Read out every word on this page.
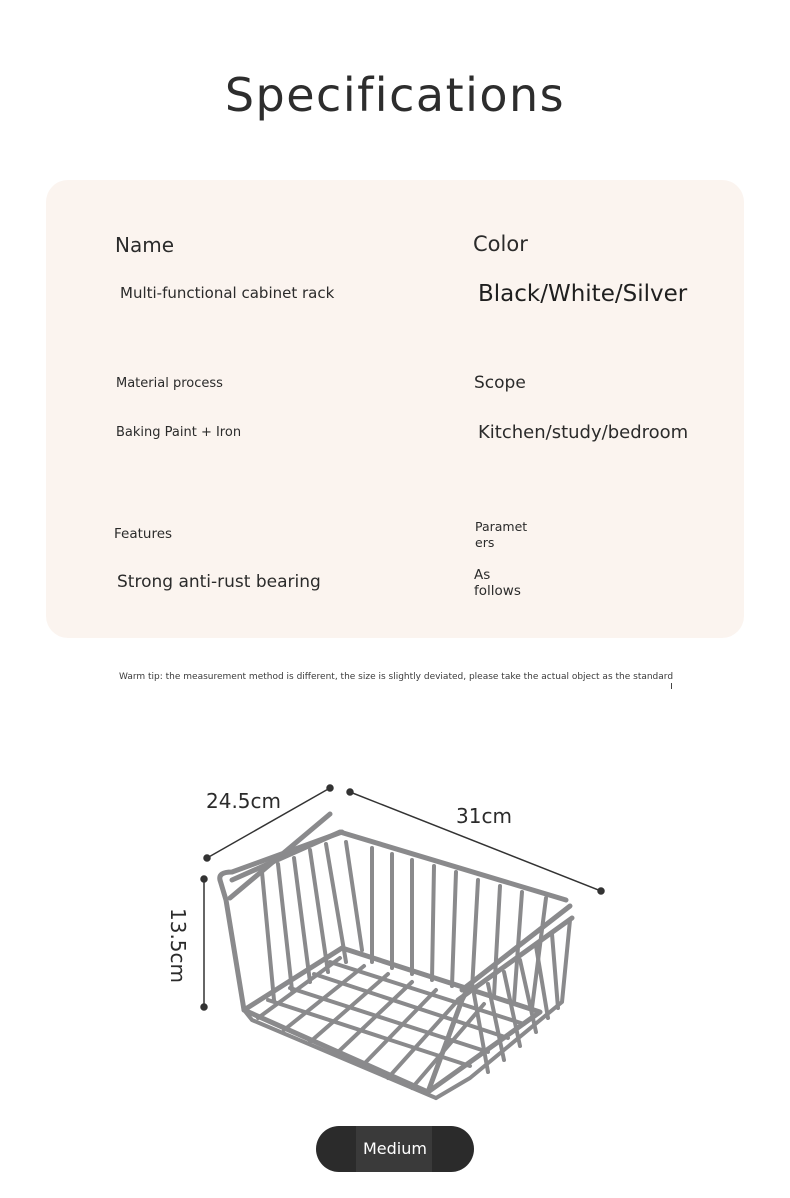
Specifications
Name
Multi-functional cabinet rack
Color
Black/White/Silver
Material process
Baking Paint + Iron
Scope
Kitchen/study/bedroom
Features
Strong anti-rust bearing
Paramet ers
As follows
Warm tip: the measurement method is different, the size is slightly deviated, please take the actual object as the standard
24.5cm
31cm
13.5cm
Medium
